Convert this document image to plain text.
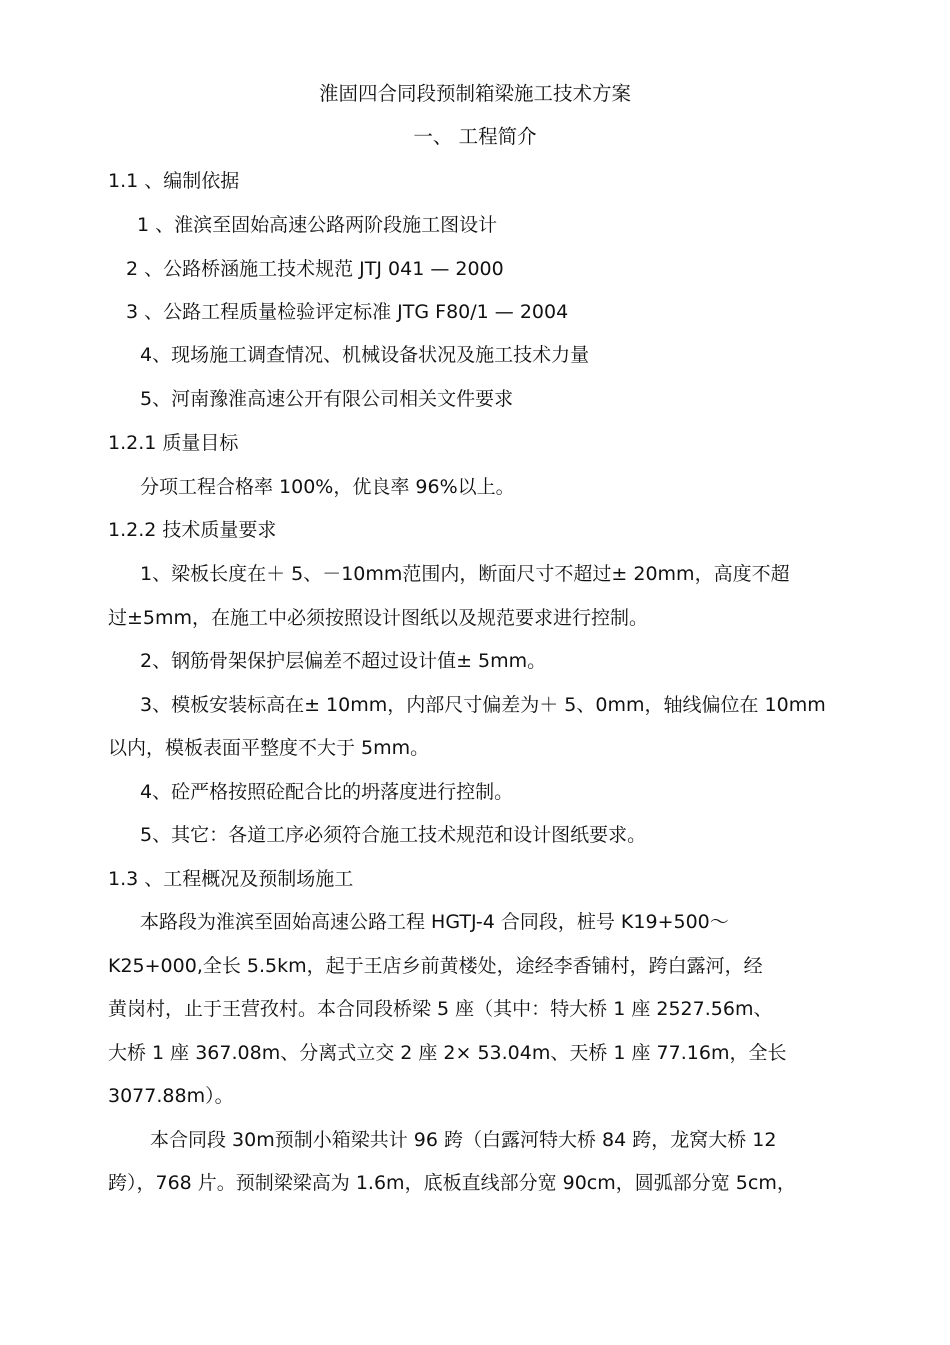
淮固四合同段预制箱梁施工技术方案
一、 工程简介
1.1 、编制依据
1 、淮滨至固始高速公路两阶段施工图设计
2 、公路桥涵施工技术规范 JTJ 041 — 2000
3 、公路工程质量检验评定标准 JTG F80/1 — 2004
4、现场施工调查情况、机械设备状况及施工技术力量
5、河南豫淮高速公开有限公司相关文件要求
1.2.1 质量目标
分项工程合格率 100%，优良率 96%以上。
1.2.2 技术质量要求
1、梁板长度在＋ 5、－10mm范围内，断面尺寸不超过± 20mm，高度不超
过±5mm，在施工中必须按照设计图纸以及规范要求进行控制。
2、钢筋骨架保护层偏差不超过设计值± 5mm。
3、模板安装标高在± 10mm，内部尺寸偏差为＋ 5、0mm，轴线偏位在 10mm
以内，模板表面平整度不大于 5mm。
4、砼严格按照砼配合比的坍落度进行控制。
5、其它：各道工序必须符合施工技术规范和设计图纸要求。
1.3 、工程概况及预制场施工
本路段为淮滨至固始高速公路工程 HGTJ-4 合同段，桩号 K19+500～
K25+000,全长 5.5km，起于王店乡前黄楼处，途经李香铺村，跨白露河，经
黄岗村，止于王营孜村。本合同段桥梁 5 座（其中：特大桥 1 座 2527.56m、
大桥 1 座 367.08m、分离式立交 2 座 2× 53.04m、天桥 1 座 77.16m，全长
3077.88m）。
本合同段 30m预制小箱梁共计 96 跨（白露河特大桥 84 跨，龙窝大桥 12
跨），768 片。预制梁梁高为 1.6m，底板直线部分宽 90cm，圆弧部分宽 5cm，
